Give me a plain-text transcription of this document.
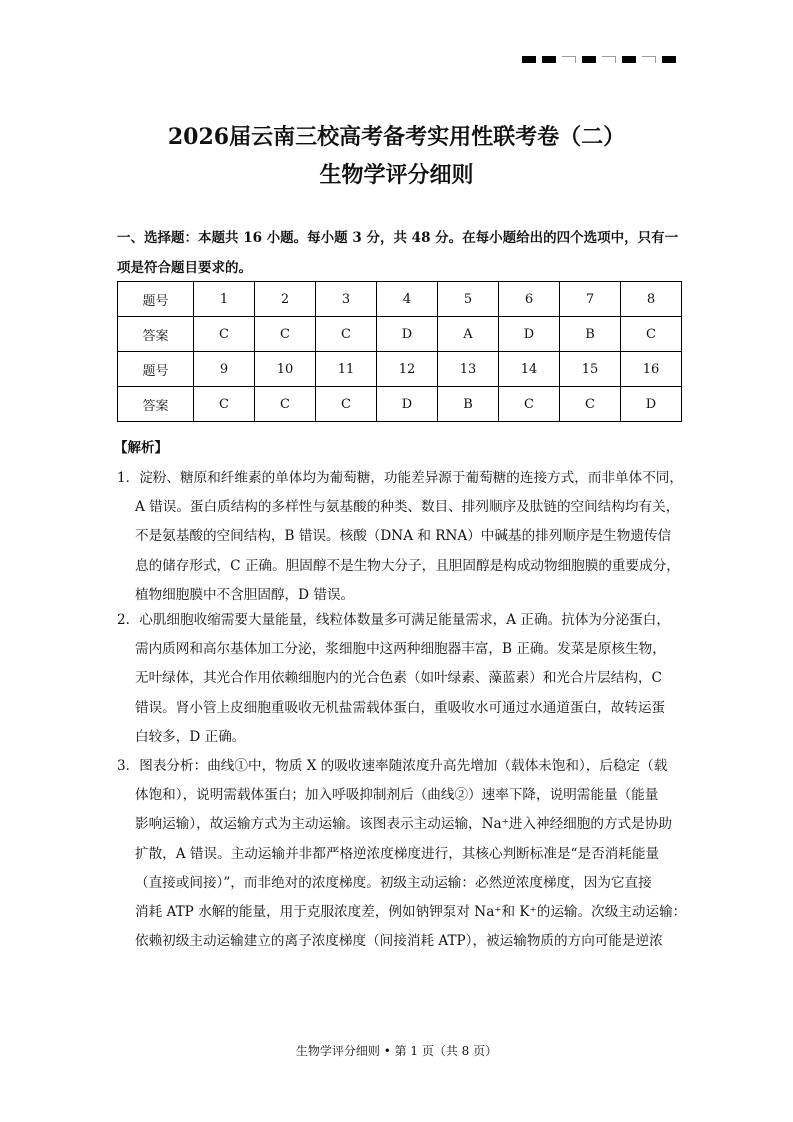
2026届云南三校高考备考实用性联考卷（二）
生物学评分细则
一、选择题：本题共 16 小题。每小题 3 分，共 48 分。在每小题给出的四个选项中，只有一
项是符合题目要求的。
题号	1	2	3	4	5	6	7	8
答案	C	C	C	D	A	D	B	C
题号	9	10	11	12	13	14	15	16
答案	C	C	C	D	B	C	C	D
【解析】
1．淀粉、糖原和纤维素的单体均为葡萄糖，功能差异源于葡萄糖的连接方式，而非单体不同，
A 错误。蛋白质结构的多样性与氨基酸的种类、数目、排列顺序及肽链的空间结构均有关，
不是氨基酸的空间结构，B 错误。核酸（DNA 和 RNA）中碱基的排列顺序是生物遗传信
息的储存形式，C 正确。胆固醇不是生物大分子，且胆固醇是构成动物细胞膜的重要成分，
植物细胞膜中不含胆固醇，D 错误。
2．心肌细胞收缩需要大量能量，线粒体数量多可满足能量需求，A 正确。抗体为分泌蛋白，
需内质网和高尔基体加工分泌，浆细胞中这两种细胞器丰富，B 正确。发菜是原核生物，
无叶绿体，其光合作用依赖细胞内的光合色素（如叶绿素、藻蓝素）和光合片层结构，C
错误。肾小管上皮细胞重吸收无机盐需载体蛋白，重吸收水可通过水通道蛋白，故转运蛋
白较多，D 正确。
3．图表分析：曲线①中，物质 X 的吸收速率随浓度升高先增加（载体未饱和），后稳定（载
体饱和），说明需载体蛋白；加入呼吸抑制剂后（曲线②）速率下降，说明需能量（能量
影响运输），故运输方式为主动运输。该图表示主动运输，Na⁺进入神经细胞的方式是协助
扩散，A 错误。主动运输并非都严格逆浓度梯度进行，其核心判断标准是“是否消耗能量
（直接或间接）”，而非绝对的浓度梯度。初级主动运输：必然逆浓度梯度，因为它直接
消耗 ATP 水解的能量，用于克服浓度差，例如钠钾泵对 Na⁺和 K⁺的运输。次级主动运输：
依赖初级主动运输建立的离子浓度梯度（间接消耗 ATP），被运输物质的方向可能是逆浓
生物学评分细则 • 第 1 页（共 8 页）
